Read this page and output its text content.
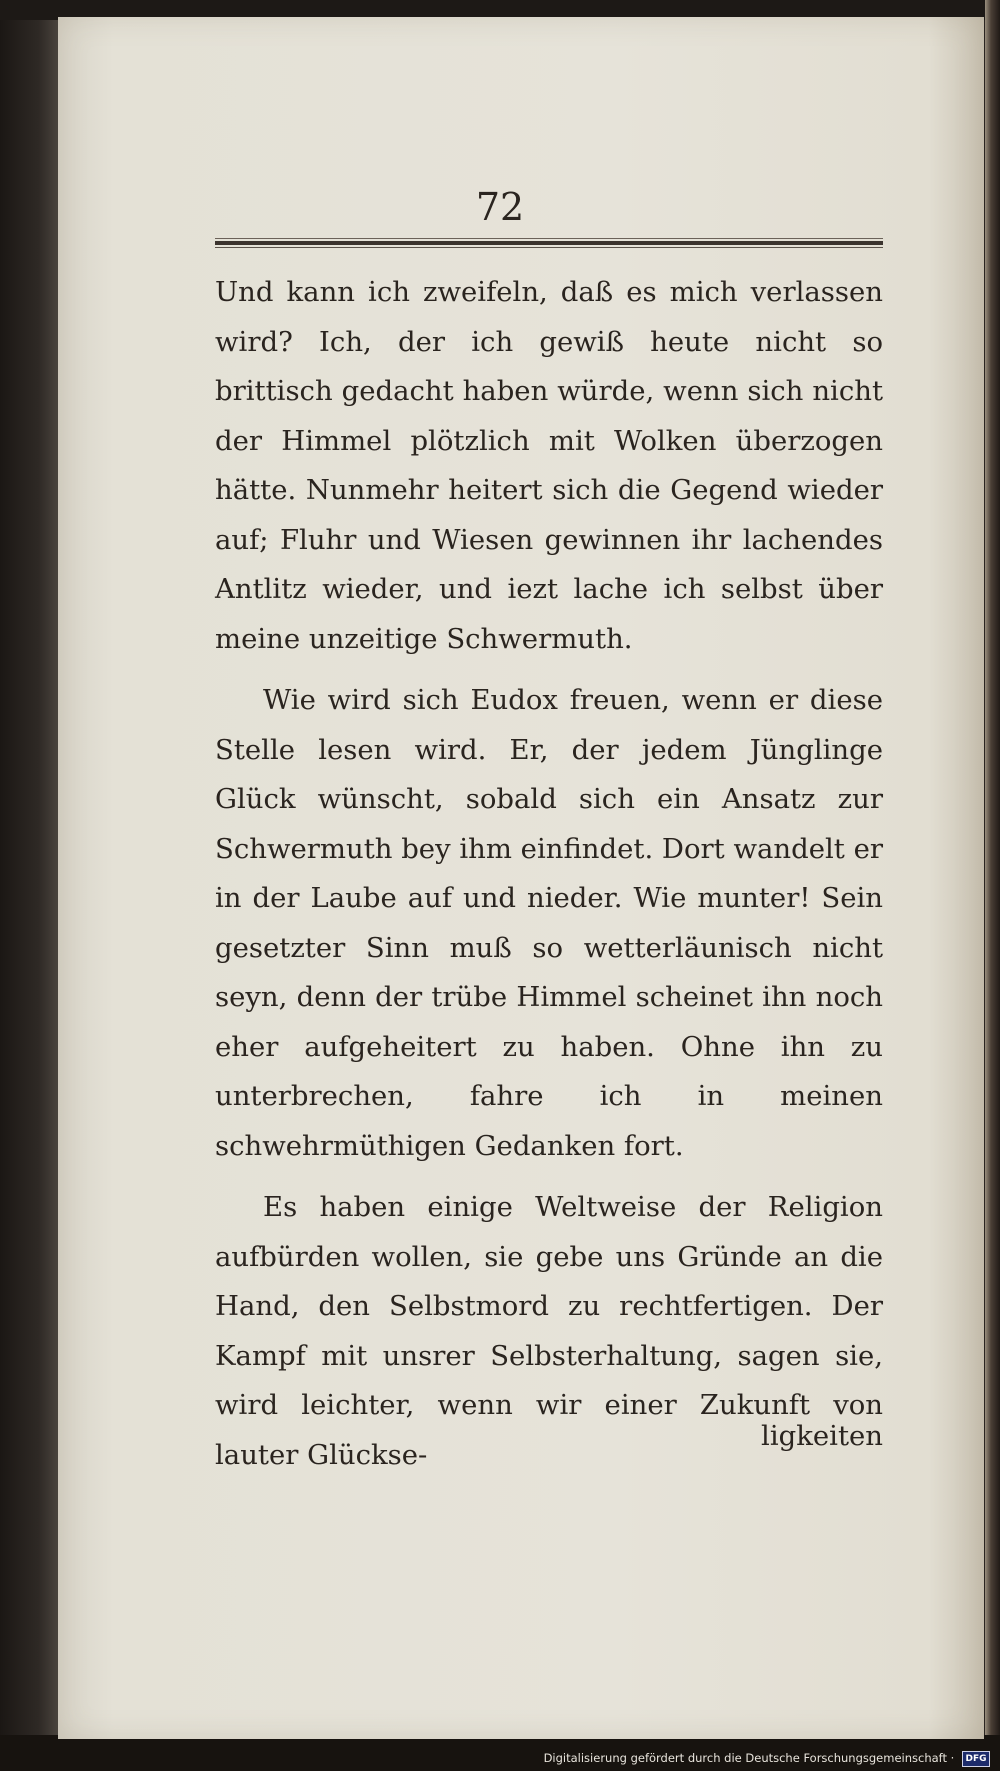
72

Und kann ich zweifeln, daß es mich verlassen wird? Ich, der ich gewiß heute nicht so brittisch gedacht haben würde, wenn sich nicht der Himmel plötzlich mit Wolken überzogen hätte. Nunmehr heitert sich die Gegend wieder auf; Fluhr und Wiesen gewinnen ihr lachendes Antlitz wieder, und iezt lache ich selbst über meine unzeitige Schwermuth.

Wie wird sich Eudox freuen, wenn er diese Stelle lesen wird. Er, der jedem Jünglinge Glück wünscht, sobald sich ein Ansatz zur Schwermuth bey ihm einfindet. Dort wandelt er in der Laube auf und nieder. Wie munter! Sein gesetzter Sinn muß so wetterläunisch nicht seyn, denn der trübe Himmel scheinet ihn noch eher aufgeheitert zu haben. Ohne ihn zu unterbrechen, fahre ich in meinen schwehrmüthigen Gedanken fort.

Es haben einige Weltweise der Religion aufbürden wollen, sie gebe uns Gründe an die Hand, den Selbstmord zu rechtfertigen. Der Kampf mit unsrer Selbsterhaltung, sagen sie, wird leichter, wenn wir einer Zukunft von lauter Glückse-

ligkeiten
Digitalisierung gefördert durch die Deutsche Forschungsgemeinschaft · DFG
